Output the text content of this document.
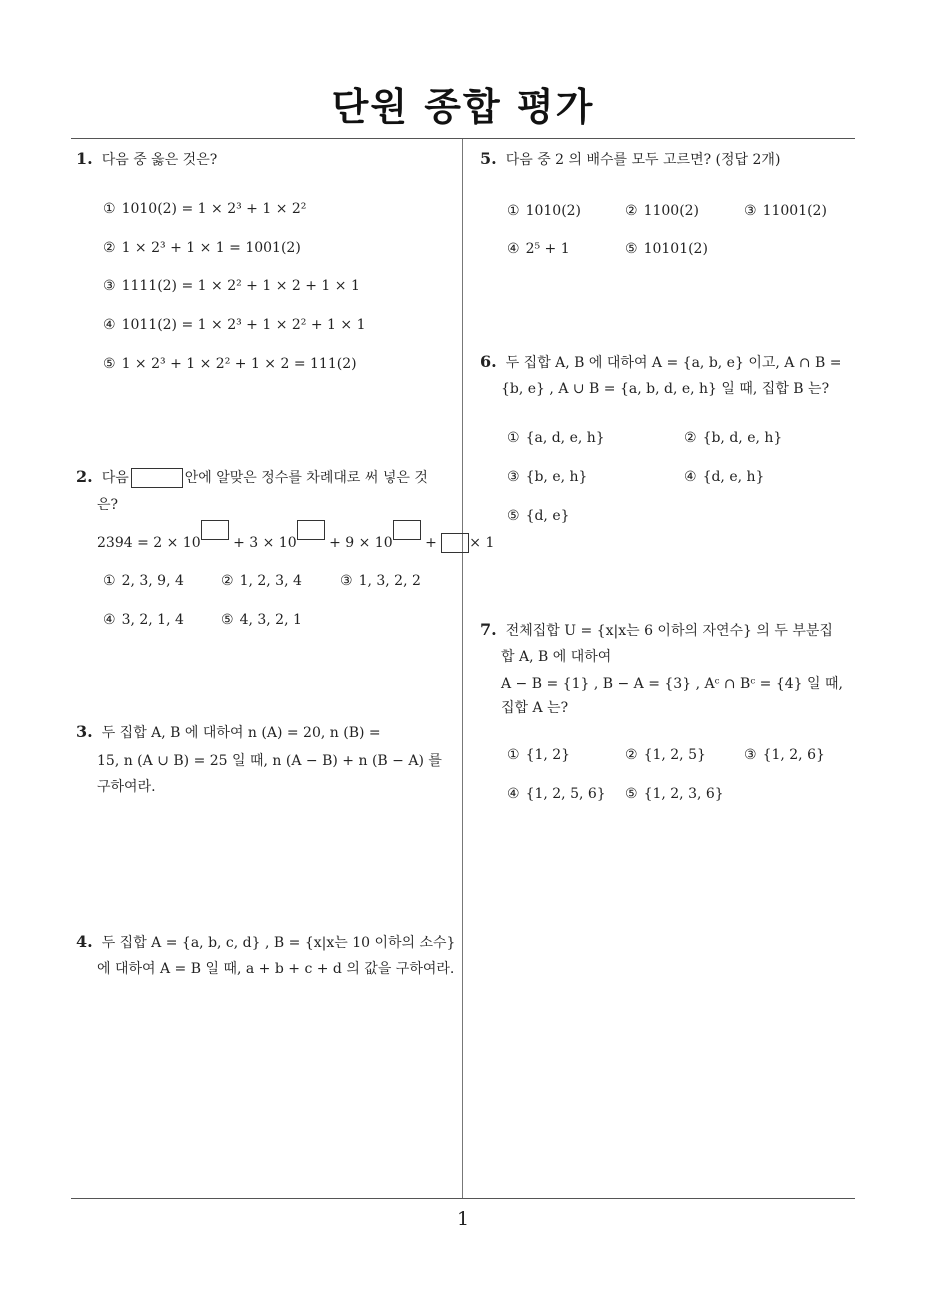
단원 종합 평가
1. 다음 중 옳은 것은?
① 1010(2) = 1 × 2³ + 1 × 2²
② 1 × 2³ + 1 × 1 = 1001(2)
③ 1111(2) = 1 × 2² + 1 × 2 + 1 × 1
④ 1011(2) = 1 × 2³ + 1 × 2² + 1 × 1
⑤ 1 × 2³ + 1 × 2² + 1 × 2 = 111(2)
2. 다음	안에 알맞은 정수를 차례대로 써 넣은 것
은?
2394 = 2 × 10 + 3 × 10 + 9 × 10 + × 1
① 2, 3, 9, 4	② 1, 2, 3, 4	③ 1, 3, 2, 2
④ 3, 2, 1, 4	⑤ 4, 3, 2, 1
3. 두 집합 A, B 에 대하여 n (A) = 20, n (B) =
15, n (A ∪ B) = 25 일 때, n (A − B) + n (B − A) 를
구하여라.
4. 두 집합 A = {a, b, c, d} , B = {x|x는 10 이하의 소수}
에 대하여 A = B 일 때, a + b + c + d 의 값을 구하여라.
5. 다음 중 2 의 배수를 모두 고르면? (정답 2개)
① 1010(2)	② 1100(2)	③ 11001(2)
④ 2⁵ + 1	⑤ 10101(2)
6. 두 집합 A, B 에 대하여 A = {a, b, e} 이고, A ∩ B =
{b, e} , A ∪ B = {a, b, d, e, h} 일 때, 집합 B 는?
① {a, d, e, h}	② {b, d, e, h}
③ {b, e, h}	④ {d, e, h}
⑤ {d, e}
7. 전체집합 U = {x|x는 6 이하의 자연수} 의 두 부분집
합 A, B 에 대하여
A − B = {1} , B − A = {3} , Aᶜ ∩ Bᶜ = {4} 일 때,
집합 A 는?
① {1, 2}	② {1, 2, 5}	③ {1, 2, 6}
④ {1, 2, 5, 6} ⑤ {1, 2, 3, 6}
1
